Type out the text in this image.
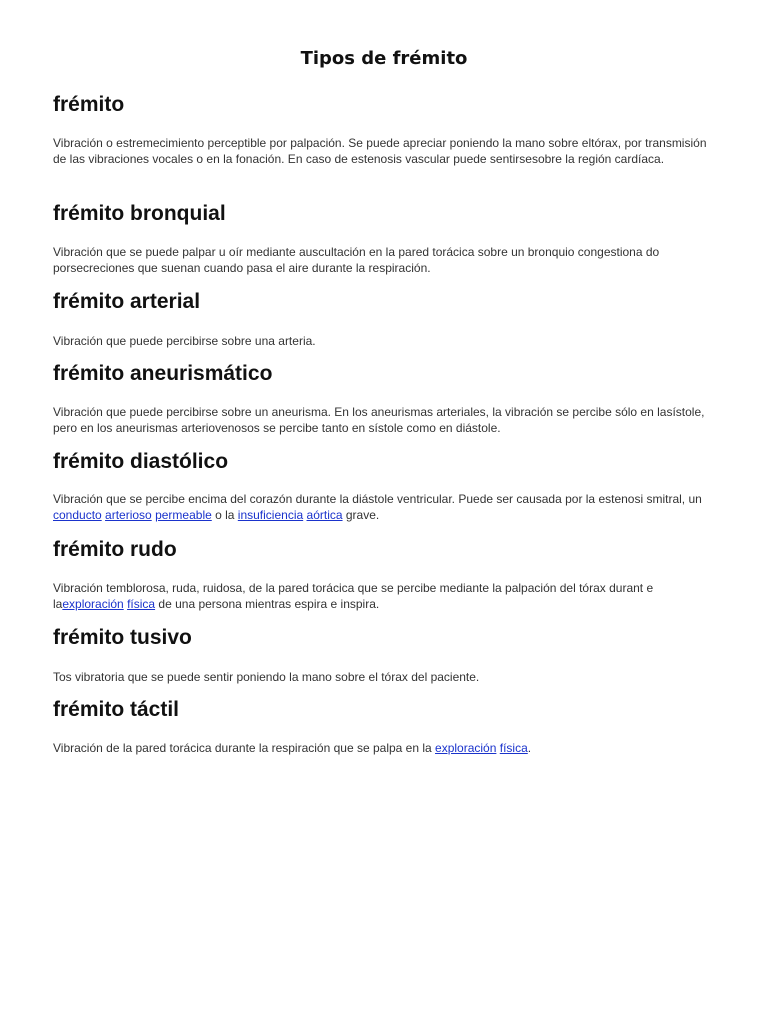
Tipos de frémito
frémito

Vibración o estremecimiento perceptible por palpación. Se puede apreciar poniendo la mano sobre eltórax, por transmisión de las vibraciones vocales o en la fonación. En caso de estenosis vascular puede sentirsesobre la región cardíaca.

frémito bronquial

Vibración que se puede palpar u oír mediante auscultación en la pared torácica sobre un bronquio congestiona do porsecreciones que suenan cuando pasa el aire durante la respiración.

frémito arterial

Vibración que puede percibirse sobre una arteria.

frémito aneurismático

Vibración que puede percibirse sobre un aneurisma. En los aneurismas arteriales, la vibración se percibe sólo en lasístole, pero en los aneurismas arteriovenosos se percibe tanto en sístole como en diástole.

frémito diastólico

Vibración que se percibe encima del corazón durante la diástole ventricular. Puede ser causada por la estenosi smitral, un conducto arterioso permeable o la insuficiencia aórtica grave.

frémito rudo

Vibración temblorosa, ruda, ruidosa, de la pared torácica que se percibe mediante la palpación del tórax durant e laexploración física de una persona mientras espira e inspira.

frémito tusivo

Tos vibratoria que se puede sentir poniendo la mano sobre el tórax del paciente.

frémito táctil

Vibración de la pared torácica durante la respiración que se palpa en la exploración física.
